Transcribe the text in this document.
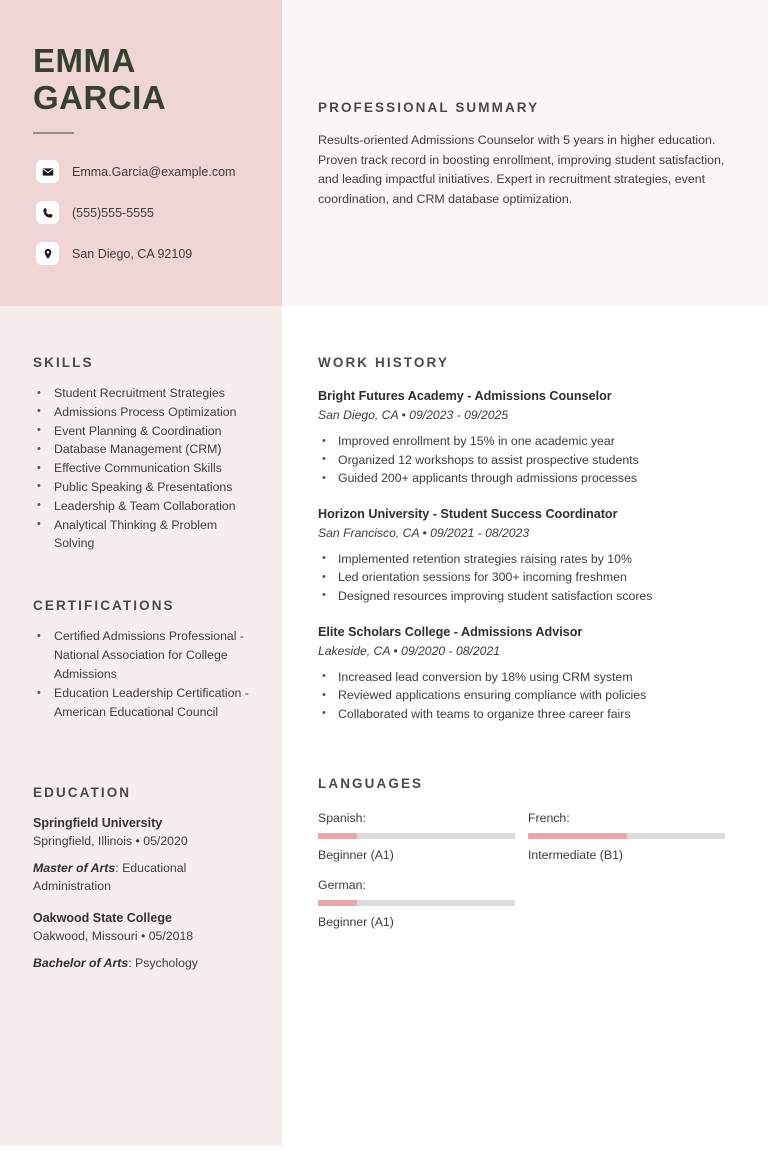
EMMA
GARCIA
Emma.Garcia@example.com
(555)555-5555
San Diego, CA 92109
SKILLS
• Student Recruitment Strategies
• Admissions Process Optimization
• Event Planning & Coordination
• Database Management (CRM)
• Effective Communication Skills
• Public Speaking & Presentations
• Leadership & Team Collaboration
• Analytical Thinking & Problem Solving
CERTIFICATIONS
• Certified Admissions Professional - National Association for College Admissions
• Education Leadership Certification - American Educational Council
EDUCATION
Springfield University
Springfield, Illinois • 05/2020
Master of Arts: Educational Administration
Oakwood State College
Oakwood, Missouri • 05/2018
Bachelor of Arts: Psychology
PROFESSIONAL SUMMARY
Results-oriented Admissions Counselor with 5 years in higher education. Proven track record in boosting enrollment, improving student satisfaction, and leading impactful initiatives. Expert in recruitment strategies, event coordination, and CRM database optimization.
WORK HISTORY
Bright Futures Academy - Admissions Counselor
San Diego, CA • 09/2023 - 09/2025
• Improved enrollment by 15% in one academic year
• Organized 12 workshops to assist prospective students
• Guided 200+ applicants through admissions processes
Horizon University - Student Success Coordinator
San Francisco, CA • 09/2021 - 08/2023
• Implemented retention strategies raising rates by 10%
• Led orientation sessions for 300+ incoming freshmen
• Designed resources improving student satisfaction scores
Elite Scholars College - Admissions Advisor
Lakeside, CA • 09/2020 - 08/2021
• Increased lead conversion by 18% using CRM system
• Reviewed applications ensuring compliance with policies
• Collaborated with teams to organize three career fairs
LANGUAGES
Spanish:
Beginner (A1)
French:
Intermediate (B1)
German:
Beginner (A1)
